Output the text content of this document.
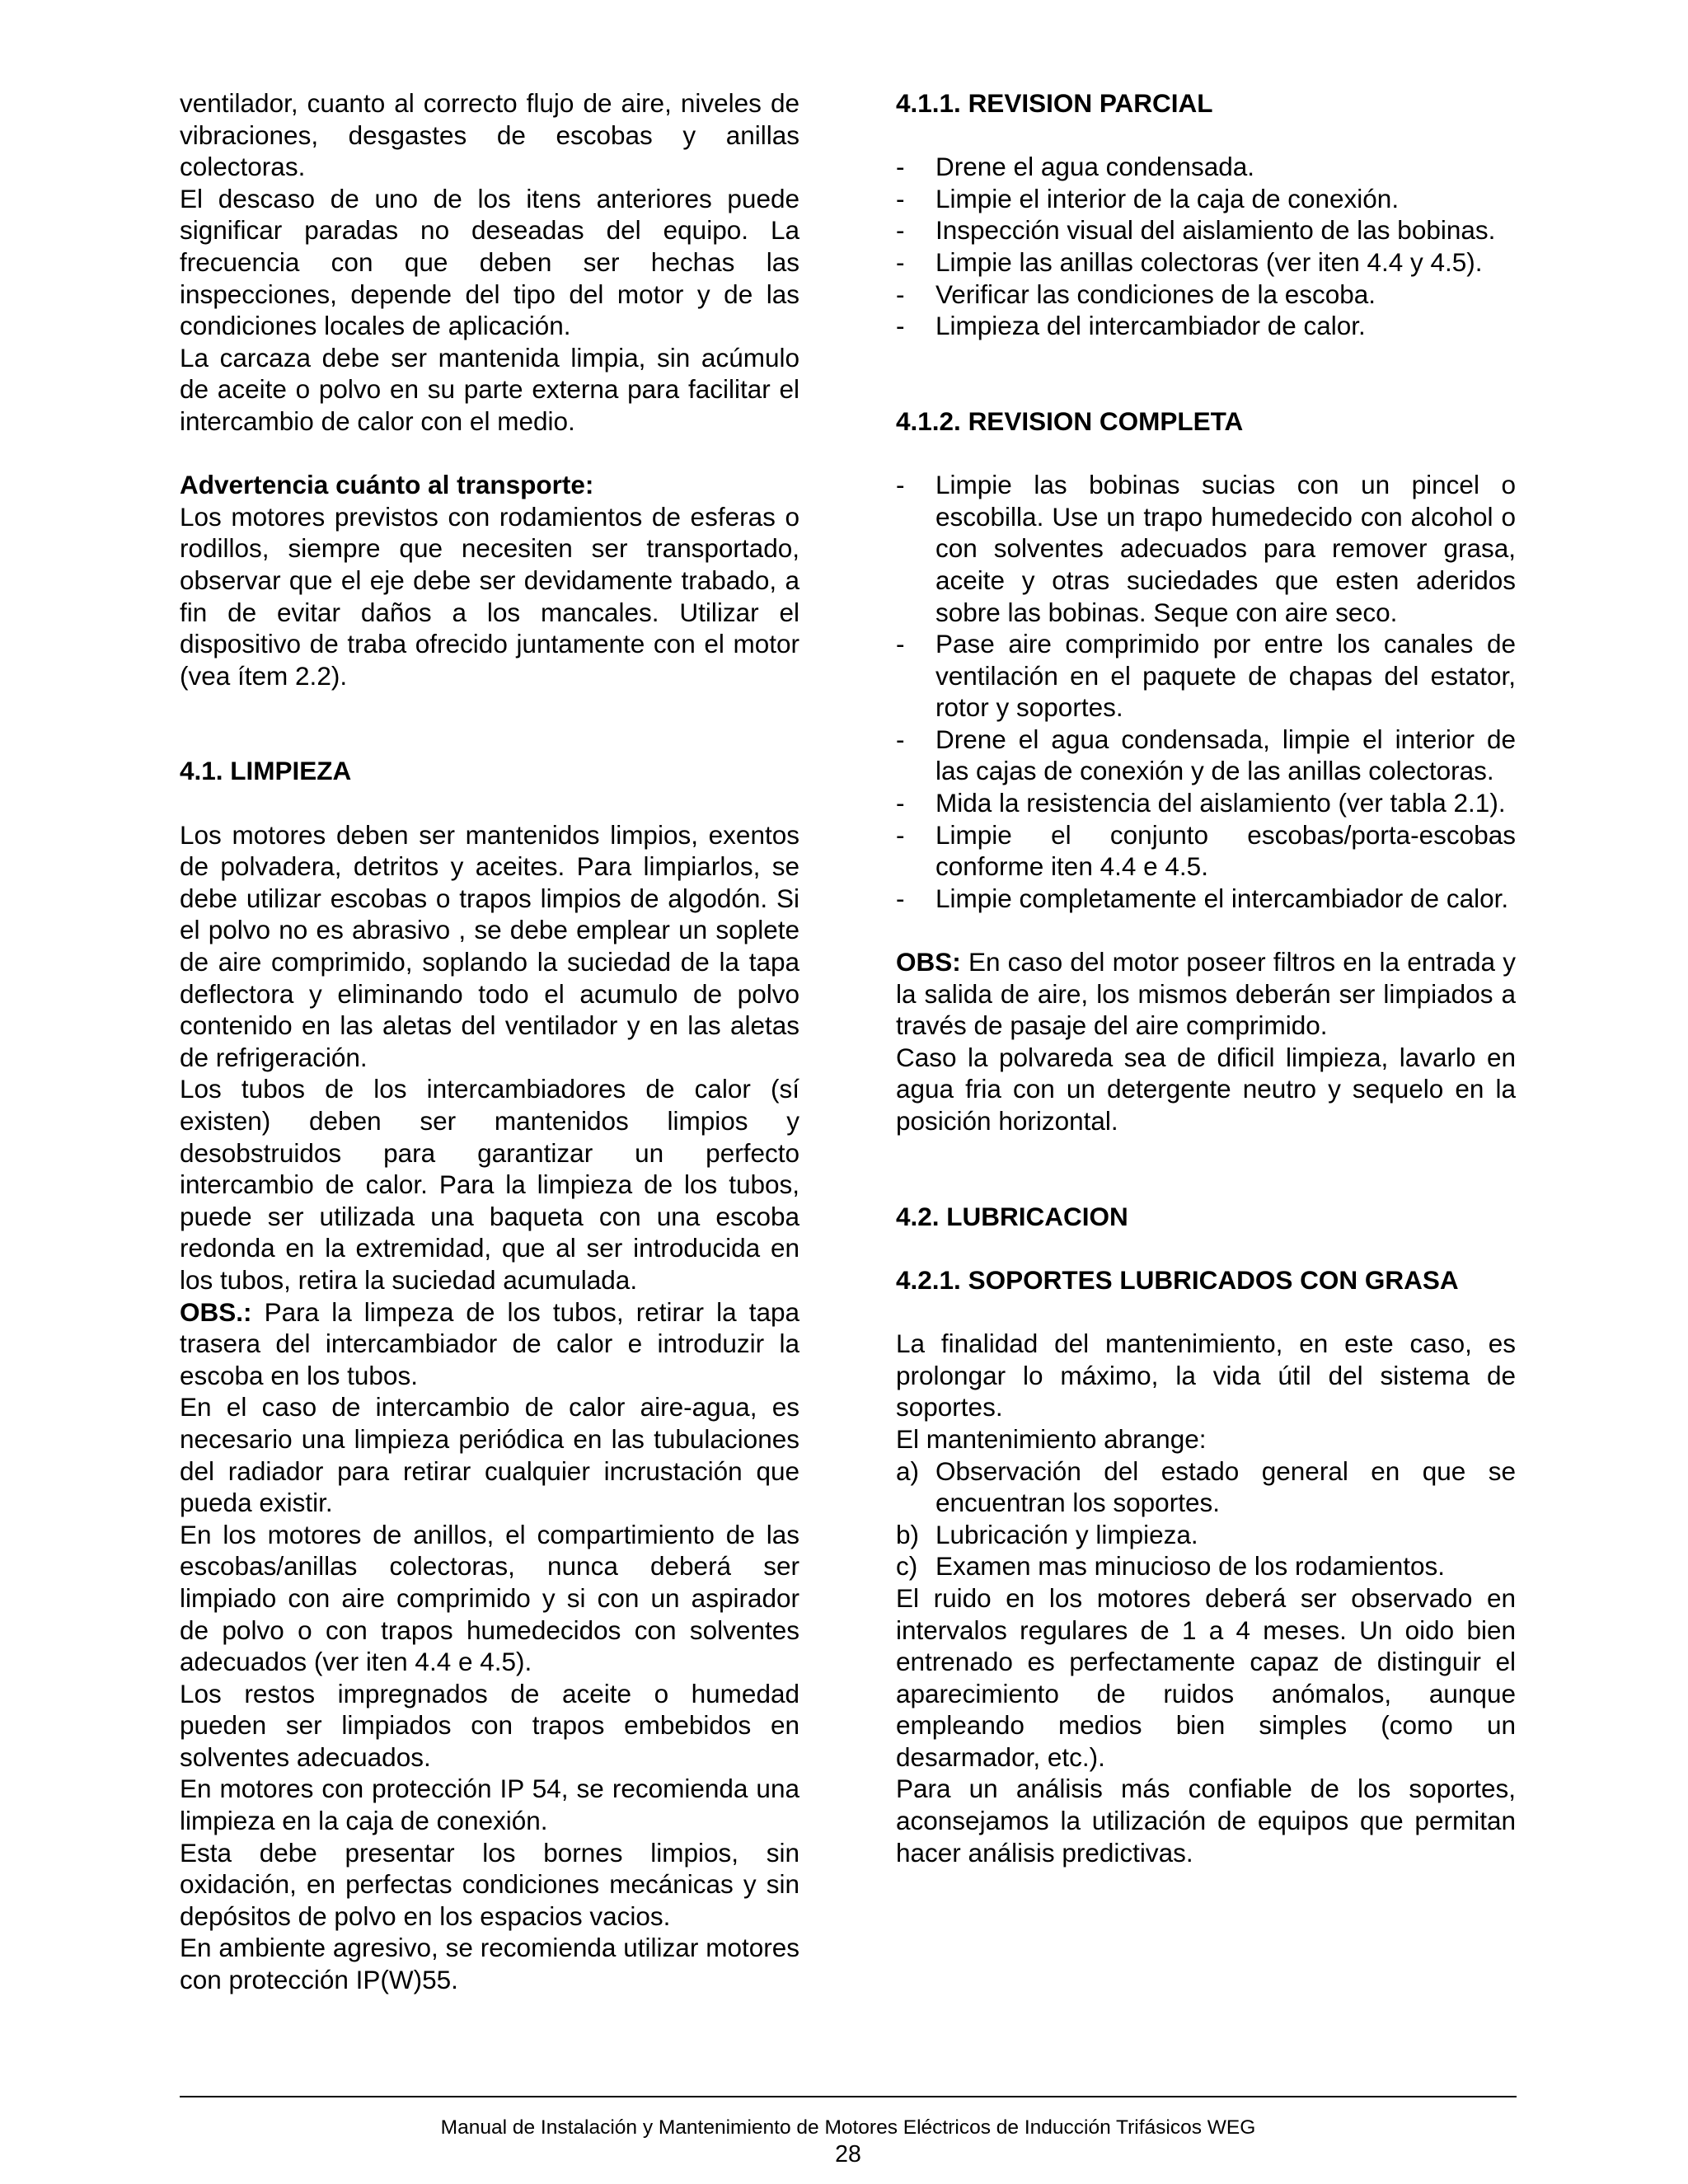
ventilador, cuanto al correcto flujo de aire, niveles de vibraciones, desgastes de escobas y anillas colectoras.

El descaso de uno de los itens anteriores puede significar paradas no deseadas del equipo. La frecuencia con que deben ser hechas las inspecciones, depende del tipo del motor y de las condiciones locales de aplicación.

La carcaza debe ser mantenida limpia, sin acúmulo de aceite o polvo en su parte externa para facilitar el intercambio de calor con el medio.

Advertencia cuánto al transporte:

Los motores previstos con rodamientos de esferas o rodillos, siempre que necesiten ser transportado, observar que el eje debe ser devidamente trabado, a fin de evitar daños a los mancales. Utilizar el dispositivo de traba ofrecido juntamente con el motor (vea ítem 2.2).

4.1. LIMPIEZA

Los motores deben ser mantenidos limpios, exentos de polvadera, detritos y aceites. Para limpiarlos, se debe utilizar escobas o trapos limpios de algodón. Si el polvo no es abrasivo , se debe emplear un soplete de aire comprimido, soplando la suciedad de la tapa deflectora y eliminando todo el acumulo de polvo contenido en las aletas del ventilador y en las aletas de refrigeración.

Los tubos de los intercambiadores de calor (sí existen) deben ser mantenidos limpios y desobstruidos para garantizar un perfecto intercambio de calor. Para la limpieza de los tubos, puede ser utilizada una baqueta con una escoba redonda en la extremidad, que al ser introducida en los tubos, retira la suciedad acumulada.

OBS.: Para la limpeza de los tubos, retirar la tapa trasera del intercambiador de calor e introduzir la escoba en los tubos.

En el caso de intercambio de calor aire-agua, es necesario una limpieza periódica en las tubulaciones del radiador para retirar cualquier incrustación que pueda existir.

En los motores de anillos, el compartimiento de las escobas/anillas colectoras, nunca deberá ser limpiado con aire comprimido y si con un aspirador de polvo o con trapos humedecidos con solventes adecuados (ver iten 4.4 e 4.5).

Los restos impregnados de aceite o humedad pueden ser limpiados con trapos embebidos en solventes adecuados.

En motores con protección IP 54, se recomienda una limpieza en la caja de conexión.

Esta debe presentar los bornes limpios, sin oxidación, en perfectas condiciones mecánicas y sin depósitos de polvo en los espacios vacios.

En ambiente agresivo, se recomienda utilizar motores con protección IP(W)55.

4.1.1. REVISION PARCIAL

-	Drene el agua condensada.
-	Limpie el interior de la caja de conexión.
-	Inspección visual del aislamiento de las bobinas.
-	Limpie las anillas colectoras (ver iten 4.4 y 4.5).
-	Verificar las condiciones de la escoba.
-	Limpieza del intercambiador de calor.

4.1.2. REVISION COMPLETA

-	Limpie las bobinas sucias con un pincel o escobilla. Use un trapo humedecido con alcohol o con solventes adecuados para remover grasa, aceite y otras suciedades que esten aderidos sobre las bobinas. Seque con aire seco.
-	Pase aire comprimido por entre los canales de ventilación en el paquete de chapas del estator, rotor y soportes.
-	Drene el agua condensada, limpie el interior de las cajas de conexión y de las anillas colectoras.
-	Mida la resistencia del aislamiento (ver tabla 2.1).
-	Limpie el conjunto escobas/porta-escobas conforme iten 4.4 e 4.5.
-	Limpie completamente el intercambiador de calor.

OBS: En caso del motor poseer filtros en la entrada y la salida de aire, los mismos deberán ser limpiados a través de pasaje del aire comprimido.

Caso la polvareda sea de dificil limpieza, lavarlo en agua fria con un detergente neutro y sequelo en la posición horizontal.

4.2. LUBRICACION

4.2.1. SOPORTES LUBRICADOS CON GRASA

La finalidad del mantenimiento, en este caso, es prolongar lo máximo, la vida útil del sistema de soportes.

El mantenimiento abrange:

a) Observación del estado general en que se encuentran los soportes.
b) Lubricación y limpieza.
c) Examen mas minucioso de los rodamientos.

El ruido en los motores deberá ser observado en intervalos regulares de 1 a 4 meses. Un oido bien entrenado es perfectamente capaz de distinguir el aparecimiento de ruidos anómalos, aunque empleando medios bien simples (como un desarmador, etc.).

Para un análisis más confiable de los soportes, aconsejamos la utilización de equipos que permitan hacer análisis predictivas.

Manual de Instalación y Mantenimiento de Motores Eléctricos de Inducción Trifásicos WEG
28
